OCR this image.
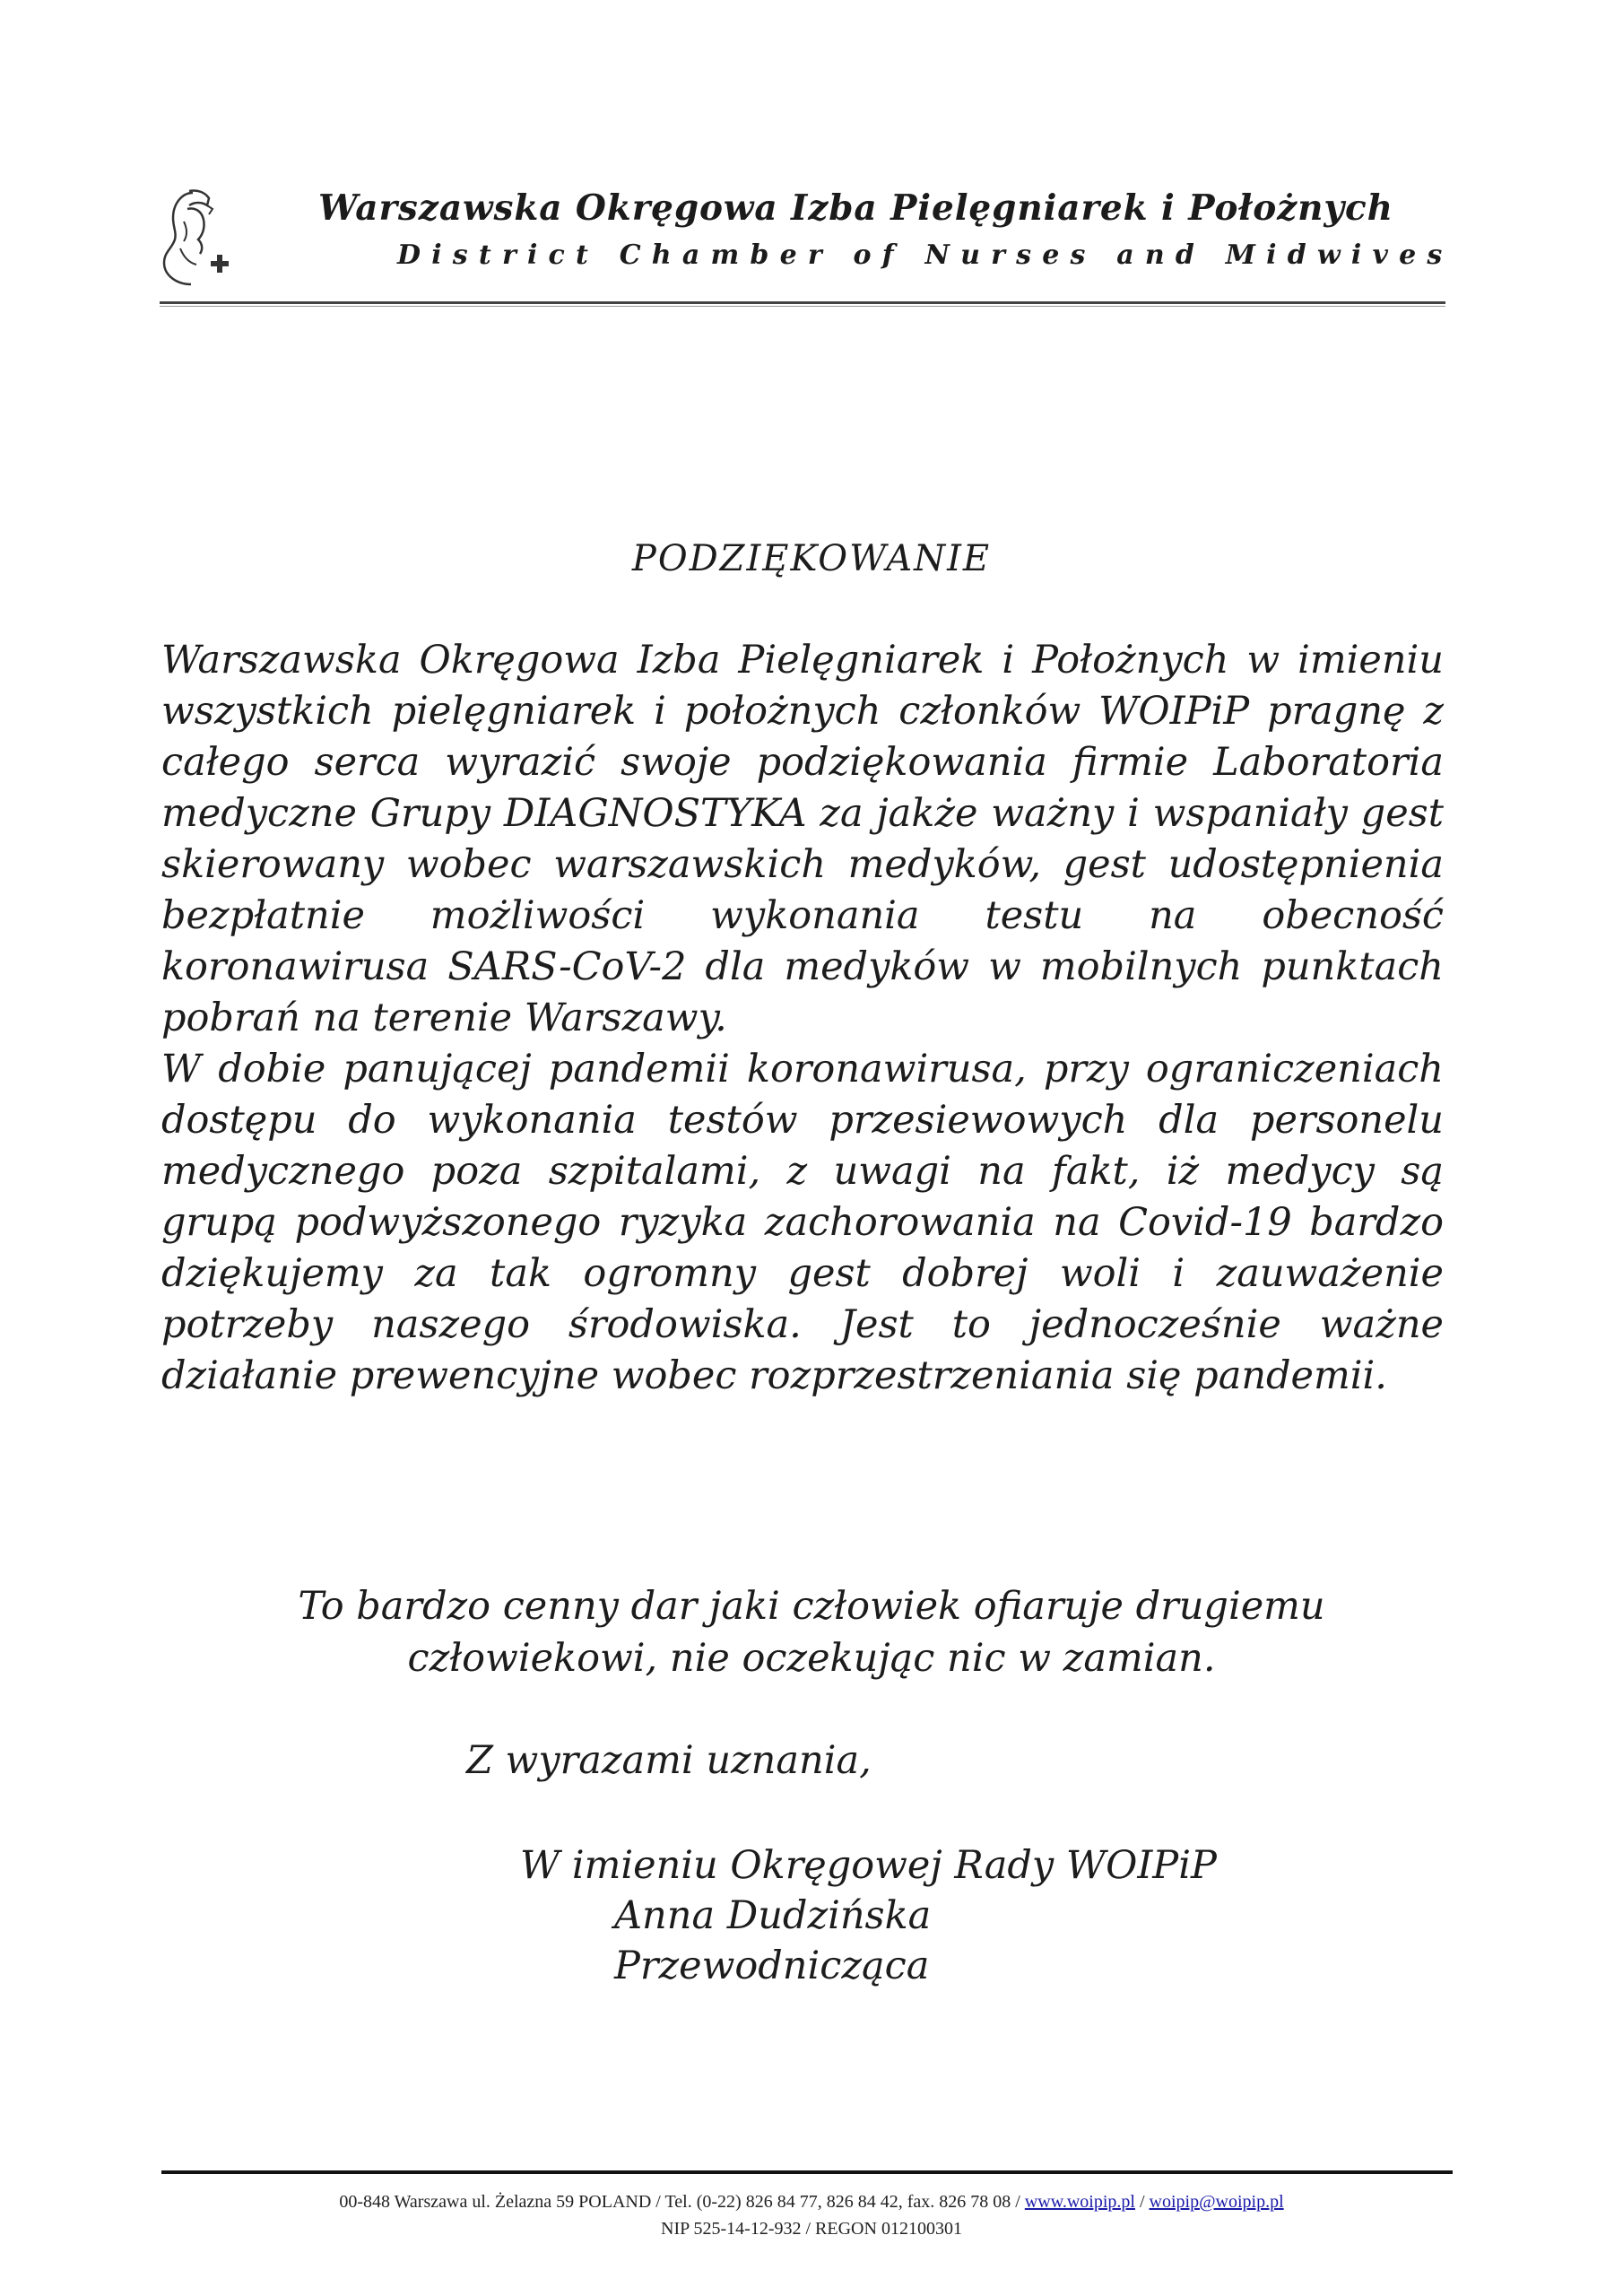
Warszawska Okręgowa Izba Pielęgniarek i Położnych
District Chamber of Nurses and Midwives
PODZIĘKOWANIE

Warszawska Okręgowa Izba Pielęgniarek i Położnych w imieniu wszystkich pielęgniarek i położnych członków WOIPiP pragnę z całego serca wyrazić swoje podziękowania firmie Laboratoria medyczne Grupy DIAGNOSTYKA za jakże ważny i wspaniały gest skierowany wobec warszawskich medyków, gest udostępnienia bezpłatnie możliwości wykonania testu na obecność koronawirusa SARS-CoV-2 dla medyków w mobilnych punktach pobrań na terenie Warszawy.

W dobie panującej pandemii koronawirusa, przy ograniczeniach dostępu do wykonania testów przesiewowych dla personelu medycznego poza szpitalami, z uwagi na fakt, iż medycy są grupą podwyższonego ryzyka zachorowania na Covid-19 bardzo dziękujemy za tak ogromny gest dobrej woli i zauważenie potrzeby naszego środowiska. Jest to jednocześnie ważne działanie prewencyjne wobec rozprzestrzeniania się pandemii.

To bardzo cenny dar jaki człowiek ofiaruje drugiemu
człowiekowi, nie oczekując nic w zamian.
Z wyrazami uznania,
W imieniu Okręgowej Rady WOIPiP
Anna Dudzińska
Przewodnicząca
00-848 Warszawa ul. Żelazna 59 POLAND / Tel. (0-22) 826 84 77, 826 84 42, fax. 826 78 08 / www.woipip.pl / woipip@woipip.pl
NIP 525-14-12-932 / REGON 012100301
